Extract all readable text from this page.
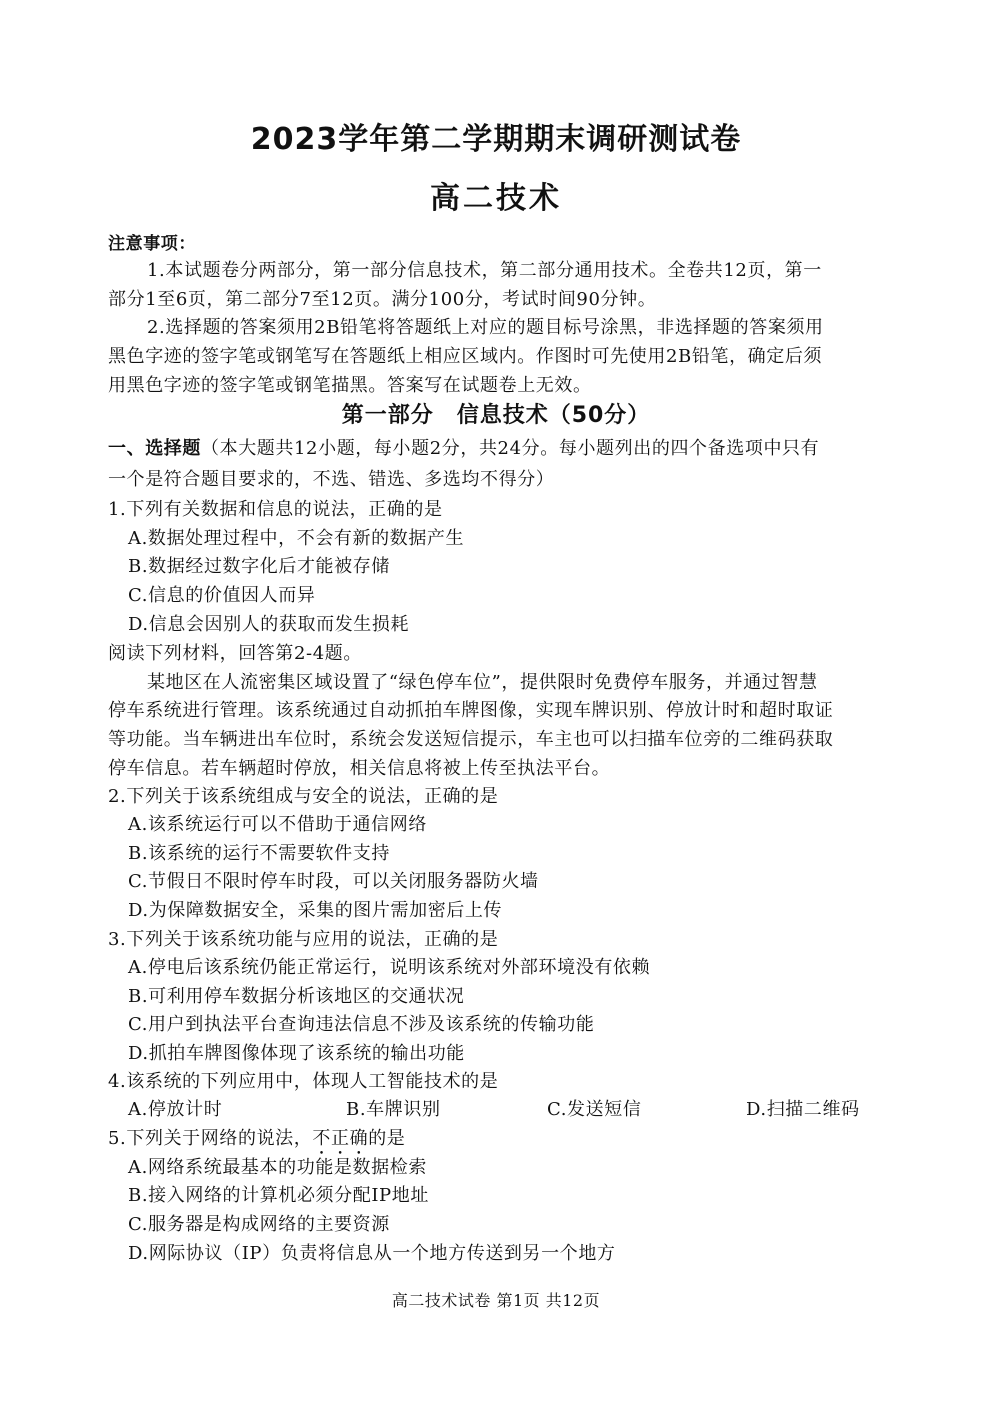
2023学年第二学期期末调研测试卷
高二技术
注意事项：
1.本试题卷分两部分，第一部分信息技术，第二部分通用技术。全卷共12页，第一
部分1至6页，第二部分7至12页。满分100分，考试时间90分钟。
2.选择题的答案须用2B铅笔将答题纸上对应的题目标号涂黑，非选择题的答案须用
黑色字迹的签字笔或钢笔写在答题纸上相应区域内。作图时可先使用2B铅笔，确定后须
用黑色字迹的签字笔或钢笔描黑。答案写在试题卷上无效。
第一部分　信息技术（50分）
一、选择题（本大题共12小题，每小题2分，共24分。每小题列出的四个备选项中只有
一个是符合题目要求的，不选、错选、多选均不得分）
1.下列有关数据和信息的说法，正确的是
A.数据处理过程中，不会有新的数据产生
B.数据经过数字化后才能被存储
C.信息的价值因人而异
D.信息会因别人的获取而发生损耗
阅读下列材料，回答第2-4题。
某地区在人流密集区域设置了“绿色停车位”，提供限时免费停车服务，并通过智慧
停车系统进行管理。该系统通过自动抓拍车牌图像，实现车牌识别、停放计时和超时取证
等功能。当车辆进出车位时，系统会发送短信提示，车主也可以扫描车位旁的二维码获取
停车信息。若车辆超时停放，相关信息将被上传至执法平台。
2.下列关于该系统组成与安全的说法，正确的是
A.该系统运行可以不借助于通信网络
B.该系统的运行不需要软件支持
C.节假日不限时停车时段，可以关闭服务器防火墙
D.为保障数据安全，采集的图片需加密后上传
3.下列关于该系统功能与应用的说法，正确的是
A.停电后该系统仍能正常运行，说明该系统对外部环境没有依赖
B.可利用停车数据分析该地区的交通状况
C.用户到执法平台查询违法信息不涉及该系统的传输功能
D.抓拍车牌图像体现了该系统的输出功能
4.该系统的下列应用中，体现人工智能技术的是
A.停放计时	B.车牌识别	C.发送短信	D.扫描二维码
5.下列关于网络的说法，不正确的是
A.网络系统最基本的功能是数据检索
B.接入网络的计算机必须分配IP地址
C.服务器是构成网络的主要资源
D.网际协议（IP）负责将信息从一个地方传送到另一个地方
高二技术试卷 第1页 共12页
